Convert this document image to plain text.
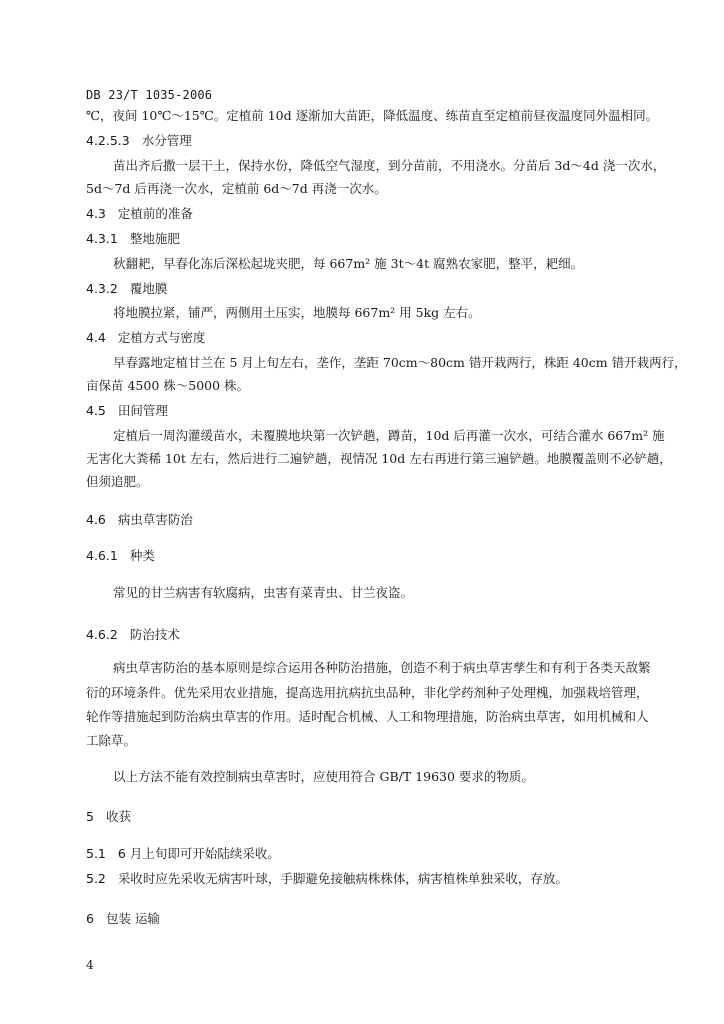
DB 23/T 1035-2006
℃，夜间 10℃～15℃。定植前 10d 逐渐加大苗距，降低温度、练苗直至定植前昼夜温度同外温相同。
4.2.5.3 水分管理
苗出齐后撒一层干土，保持水份，降低空气湿度，到分苗前，不用浇水。分苗后 3d～4d 浇一次水，
5d～7d 后再浇一次水，定植前 6d～7d 再浇一次水。
4.3 定植前的准备
4.3.1 整地施肥
秋翻耙，早春化冻后深松起垅夹肥，每 667m² 施 3t～4t 腐熟农家肥，整平，耙细。
4.3.2 覆地膜
将地膜拉紧，铺严，两侧用土压实，地膜每 667m² 用 5kg 左右。
4.4 定植方式与密度
早春露地定植甘兰在 5 月上旬左右，垄作，垄距 70cm～80cm 错开栽两行，株距 40cm 错开栽两行，
亩保苗 4500 株～5000 株。
4.5 田间管理
定植后一周沟灌缓苗水，未覆膜地块第一次铲趟，蹲苗，10d 后再灌一次水，可结合灌水 667m² 施
无害化大粪稀 10t 左右，然后进行二遍铲趟，视情况 10d 左右再进行第三遍铲趟。地膜覆盖则不必铲趟，
但须追肥。
4.6 病虫草害防治
4.6.1 种类
常见的甘兰病害有软腐病，虫害有菜青虫、甘兰夜盗。
4.6.2 防治技术
病虫草害防治的基本原则是综合运用各种防治措施，创造不利于病虫草害孳生和有利于各类天敌繁
衍的环境条件。优先采用农业措施，提高选用抗病抗虫品种，非化学药剂种子处理槐，加强栽培管理，
轮作等措施起到防治病虫草害的作用。适时配合机械、人工和物理措施，防治病虫草害，如用机械和人
工除草。
以上方法不能有效控制病虫草害时，应使用符合 GB/T 19630 要求的物质。
5 收获
5.1 6 月上旬即可开始陆续采收。
5.2 采收时应先采收无病害叶球，手脚避免接触病株株体，病害植株单独采收，存放。
6 包装 运输
4
